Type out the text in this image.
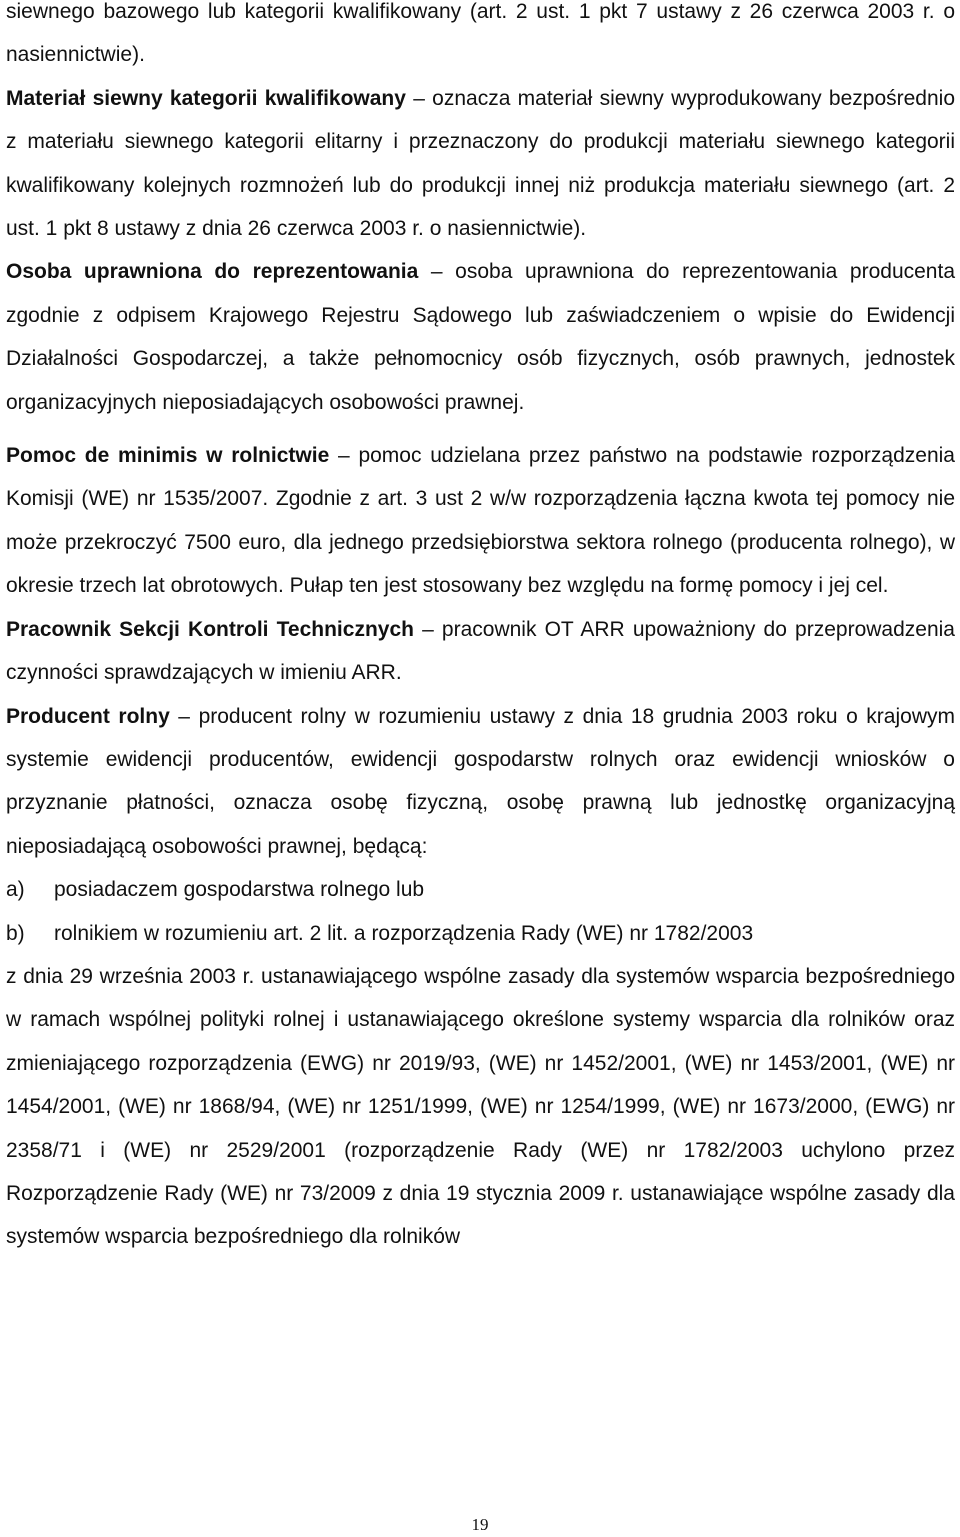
siewnego bazowego lub kategorii kwalifikowany (art. 2 ust. 1 pkt 7 ustawy z 26 czerwca 2003 r. o nasiennictwie).

Materiał siewny kategorii kwalifikowany – oznacza materiał siewny wyprodukowany bezpośrednio z materiału siewnego kategorii elitarny i przeznaczony do produkcji materiału siewnego kategorii kwalifikowany kolejnych rozmnożeń lub do produkcji innej niż produkcja materiału siewnego (art. 2 ust. 1 pkt 8 ustawy z dnia 26 czerwca 2003 r. o nasiennictwie).

Osoba uprawniona do reprezentowania – osoba uprawniona do reprezentowania producenta zgodnie z odpisem Krajowego Rejestru Sądowego lub zaświadczeniem o wpisie do Ewidencji Działalności Gospodarczej, a także pełnomocnicy osób fizycznych, osób prawnych, jednostek organizacyjnych nieposiadających osobowości prawnej.

Pomoc de minimis w rolnictwie – pomoc udzielana przez państwo na podstawie rozporządzenia Komisji (WE) nr 1535/2007. Zgodnie z art. 3 ust 2 w/w rozporządzenia łączna kwota tej pomocy nie może przekroczyć 7500 euro, dla jednego przedsiębiorstwa sektora rolnego (producenta rolnego), w okresie trzech lat obrotowych. Pułap ten jest stosowany bez względu na formę pomocy i jej cel.

Pracownik Sekcji Kontroli Technicznych – pracownik OT ARR upoważniony do przeprowadzenia czynności sprawdzających w imieniu ARR.

Producent rolny – producent rolny w rozumieniu ustawy z dnia 18 grudnia 2003 roku o krajowym systemie ewidencji producentów, ewidencji gospodarstw rolnych oraz ewidencji wniosków o przyznanie płatności, oznacza osobę fizyczną, osobę prawną lub jednostkę organizacyjną nieposiadającą osobowości prawnej, będącą:

a)	posiadaczem gospodarstwa rolnego lub
b)	rolnikiem w rozumieniu art. 2 lit. a rozporządzenia Rady (WE) nr 1782/2003

z dnia 29 września 2003 r. ustanawiającego wspólne zasady dla systemów wsparcia bezpośredniego w ramach wspólnej polityki rolnej i ustanawiającego określone systemy wsparcia dla rolników oraz zmieniającego rozporządzenia (EWG) nr 2019/93, (WE) nr 1452/2001, (WE) nr 1453/2001, (WE) nr 1454/2001, (WE) nr 1868/94, (WE) nr 1251/1999, (WE) nr 1254/1999, (WE) nr 1673/2000, (EWG) nr 2358/71 i (WE) nr 2529/2001 (rozporządzenie Rady (WE) nr 1782/2003 uchylono przez Rozporządzenie Rady (WE) nr 73/2009 z dnia 19 stycznia 2009 r. ustanawiające wspólne zasady dla systemów wsparcia bezpośredniego dla rolników

19
